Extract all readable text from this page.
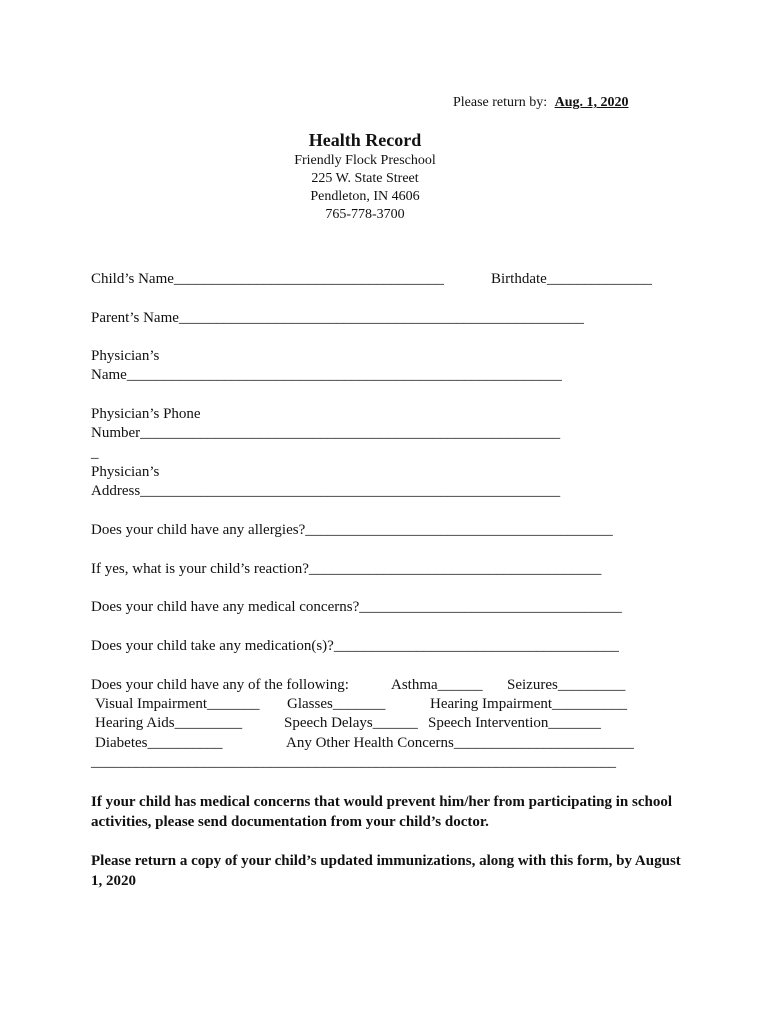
Please return by: Aug. 1, 2020
Health Record
Friendly Flock Preschool
225 W. State Street
Pendleton, IN 4606
765-778-3700
Child’s Name____________________________________	Birthdate______________
Parent’s Name______________________________________________________
Physician’s
Name__________________________________________________________
Physician’s Phone
Number________________________________________________________
_
Physician’s
Address________________________________________________________
Does your child have any allergies?_________________________________________
If yes, what is your child’s reaction?_______________________________________
Does your child have any medical concerns?___________________________________
Does your child take any medication(s)?______________________________________
Does your child have any of the following:	Asthma______ Seizures_________
Visual Impairment_______ Glasses_______	Hearing Impairment__________
Hearing Aids_________	Speech Delays______ Speech Intervention_______
Diabetes__________	Any Other Health Concerns________________________
______________________________________________________________________
If your child has medical concerns that would prevent him/her from participating in school activities, please send documentation from your child’s doctor.
Please return a copy of your child’s updated immunizations, along with this form, by August 1, 2020
